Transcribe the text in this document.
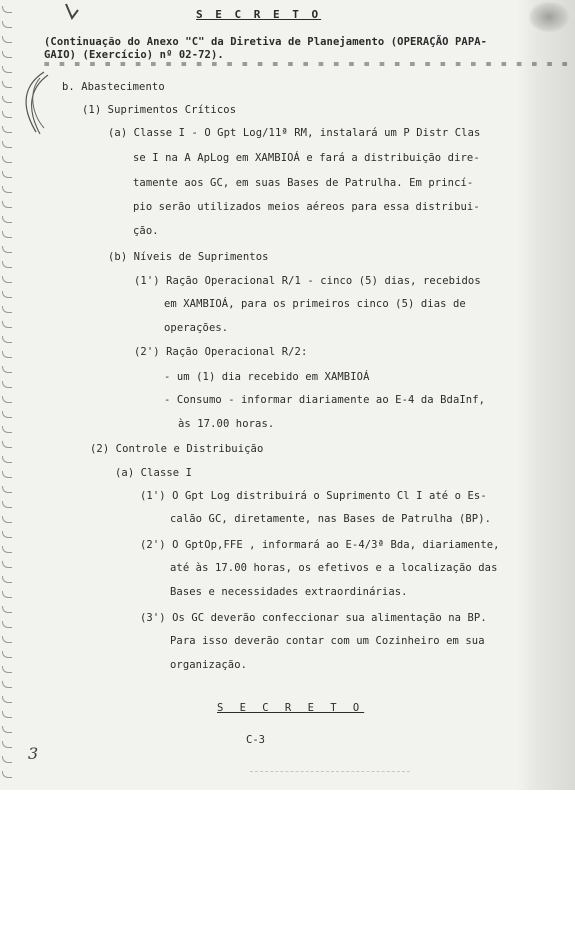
S E C R E T O
(Continuação do Anexo "C" da Diretiva de Planejamento (OPERAÇÃO PAPA-
GAIO) (Exercício) nº 02-72).
= = = = = = = = = = = = = = = = = = = = = = = = = = = = = = = = = = =
b. Abastecimento
(1) Suprimentos Críticos
(a) Classe I - O Gpt Log/11ª RM, instalará um P Distr Clas
se I na A ApLog em XAMBIOÁ e fará a distribuição dire-
tamente aos GC, em suas Bases de Patrulha. Em princí-
pio serão utilizados meios aéreos para essa distribui-
ção.
(b) Níveis de Suprimentos
(1') Ração Operacional R/1 - cinco (5) dias, recebidos
em XAMBIOÁ, para os primeiros cinco (5) dias de
operações.
(2') Ração Operacional R/2:
- um (1) dia recebido em XAMBIOÁ
- Consumo - informar diariamente ao E-4 da BdaInf,
às 17.00 horas.
(2) Controle e Distribuição
(a) Classe I
(1') O Gpt Log distribuirá o Suprimento Cl I até o Es-
calão GC, diretamente, nas Bases de Patrulha (BP).
(2') O GptOp,FFE , informará ao E-4/3ª Bda, diariamente,
até às 17.00 horas, os efetivos e a localização das
Bases e necessidades extraordinárias.
(3') Os GC deverão confeccionar sua alimentação na BP.
Para isso deverão contar com um Cozinheiro em sua
organização.
S E C R E T O
C-3
3
